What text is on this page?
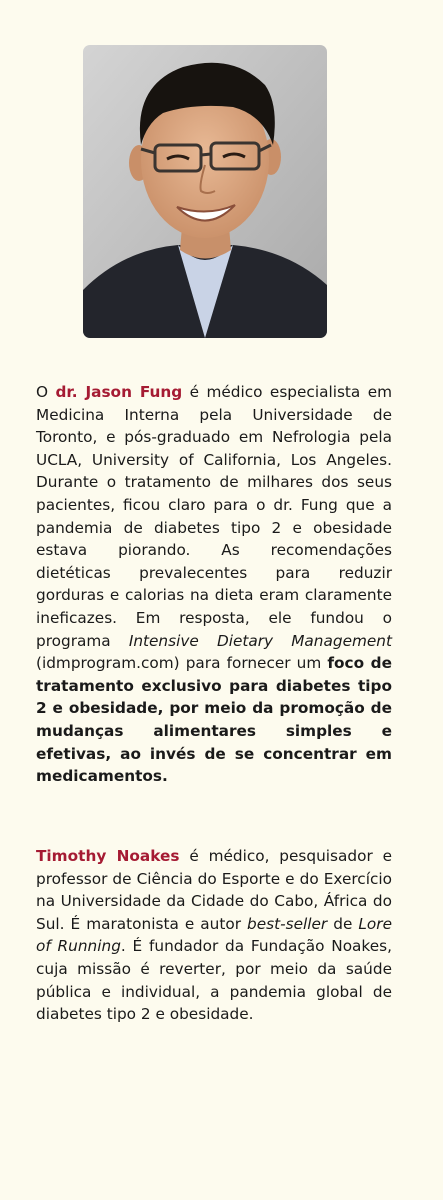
O dr. Jason Fung é médico especialista em Medicina Interna pela Universidade de Toronto, e pós-graduado em Nefrologia pela UCLA, University of California, Los Angeles. Durante o tratamento de milhares dos seus pacientes, ficou claro para o dr. Fung que a pandemia de diabetes tipo 2 e obesidade estava piorando. As recomendações dietéticas prevalecentes para reduzir gorduras e calorias na dieta eram claramente ineficazes. Em resposta, ele fundou o programa Intensive Dietary Management (idmprogram.com) para fornecer um foco de tratamento exclusivo para diabetes tipo 2 e obesidade, por meio da promoção de mudanças alimentares simples e efetivas, ao invés de se concentrar em medicamentos.

Timothy Noakes é médico, pesquisador e professor de Ciência do Esporte e do Exercício na Universidade da Cidade do Cabo, África do Sul. É maratonista e autor best-seller de Lore of Running. É fundador da Fundação Noakes, cuja missão é reverter, por meio da saúde pública e individual, a pandemia global de diabetes tipo 2 e obesidade.
